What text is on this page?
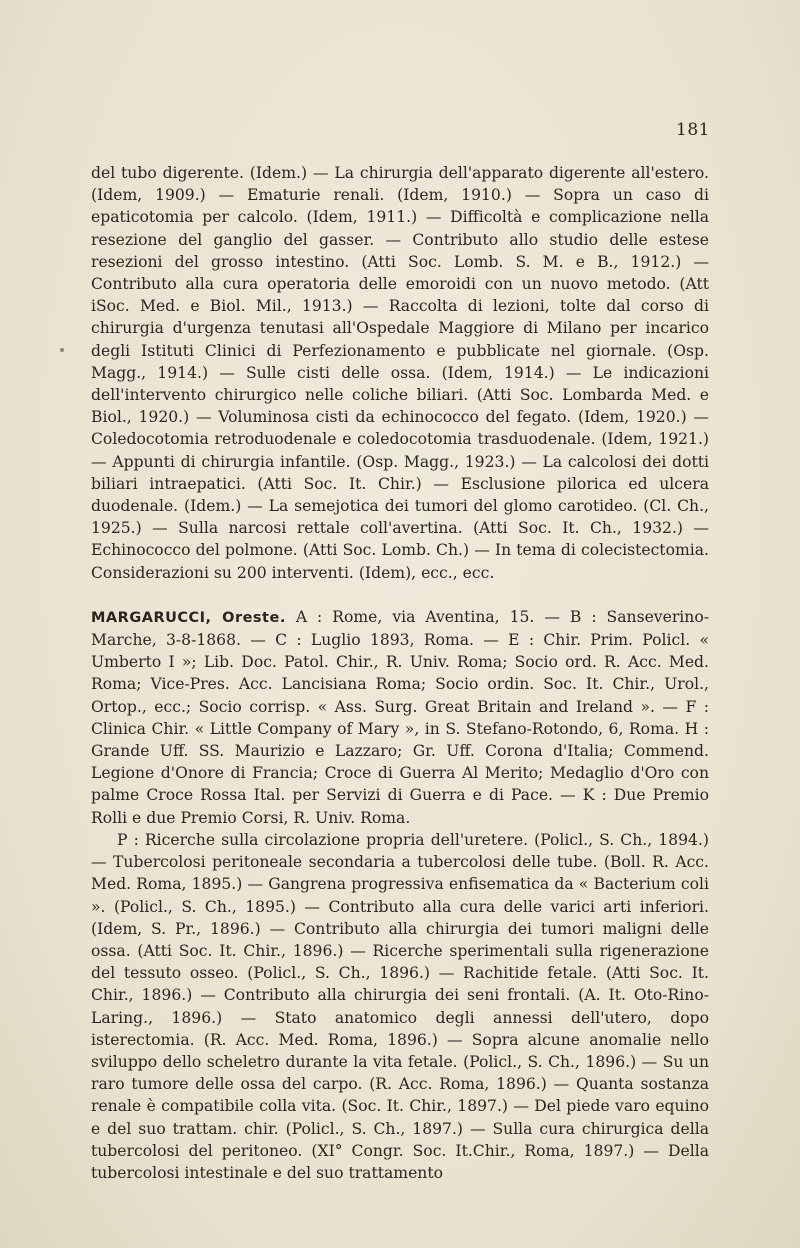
181

del tubo digerente. (Idem.) — La chirurgia dell'apparato digerente all'estero. (Idem, 1909.) — Ematurie renali. (Idem, 1910.) — Sopra un caso di epaticotomia per calcolo. (Idem, 1911.) — Difficoltà e complicazione nella resezione del ganglio del gasser. — Contributo allo studio delle estese resezioni del grosso intestino. (Atti Soc. Lomb. S. M. e B., 1912.) — Contributo alla cura operatoria delle emoroidi con un nuovo metodo. (Att iSoc. Med. e Biol. Mil., 1913.) — Raccolta di lezioni, tolte dal corso di chirurgia d'urgenza tenutasi all'Ospedale Maggiore di Milano per incarico degli Istituti Clinici di Perfezionamento e pubblicate nel giornale. (Osp. Magg., 1914.) — Sulle cisti delle ossa. (Idem, 1914.) — Le indicazioni dell'intervento chirurgico nelle coliche biliari. (Atti Soc. Lombarda Med. e Biol., 1920.) — Voluminosa cisti da echinococco del fegato. (Idem, 1920.) — Coledocotomia retroduodenale e coledocotomia trasduodenale. (Idem, 1921.) — Appunti di chirurgia infantile. (Osp. Magg., 1923.) — La calcolosi dei dotti biliari intraepatici. (Atti Soc. It. Chir.) — Esclusione pilorica ed ulcera duodenale. (Idem.) — La semejotica dei tumori del glomo carotideo. (Cl. Ch., 1925.) — Sulla narcosi rettale coll'avertina. (Atti Soc. It. Ch., 1932.) — Echinococco del polmone. (Atti Soc. Lomb. Ch.) — In tema di colecistectomia. Considerazioni su 200 interventi. (Idem), ecc., ecc.

MARGARUCCI, Oreste. A : Rome, via Aventina, 15. — B : Sanseverino-Marche, 3-8-1868. — C : Luglio 1893, Roma. — E : Chir. Prim. Policl. « Umberto I »; Lib. Doc. Patol. Chir., R. Univ. Roma; Socio ord. R. Acc. Med. Roma; Vice-Pres. Acc. Lancisiana Roma; Socio ordin. Soc. It. Chir., Urol., Ortop., ecc.; Socio corrisp. « Ass. Surg. Great Britain and Ireland ». — F : Clinica Chir. « Little Company of Mary », in S. Stefano-Rotondo, 6, Roma. H : Grande Uff. SS. Maurizio e Lazzaro; Gr. Uff. Corona d'Italia; Commend. Legione d'Onore di Francia; Croce di Guerra Al Merito; Medaglio d'Oro con palme Croce Rossa Ital. per Servizi di Guerra e di Pace. — K : Due Premio Rolli e due Premio Corsi, R. Univ. Roma.

P : Ricerche sulla circolazione propria dell'uretere. (Policl., S. Ch., 1894.) — Tubercolosi peritoneale secondaria a tubercolosi delle tube. (Boll. R. Acc. Med. Roma, 1895.) — Gangrena progressiva enfisematica da « Bacterium coli ». (Policl., S. Ch., 1895.) — Contributo alla cura delle varici arti inferiori. (Idem, S. Pr., 1896.) — Contributo alla chirurgia dei tumori maligni delle ossa. (Atti Soc. It. Chir., 1896.) — Ricerche sperimentali sulla rigenerazione del tessuto osseo. (Policl., S. Ch., 1896.) — Rachitide fetale. (Atti Soc. It. Chir., 1896.) — Contributo alla chirurgia dei seni frontali. (A. It. Oto-Rino-Laring., 1896.) — Stato anatomico degli annessi dell'utero, dopo isterectomia. (R. Acc. Med. Roma, 1896.) — Sopra alcune anomalie nello sviluppo dello scheletro durante la vita fetale. (Policl., S. Ch., 1896.) — Su un raro tumore delle ossa del carpo. (R. Acc. Roma, 1896.) — Quanta sostanza renale è compatibile colla vita. (Soc. It. Chir., 1897.) — Del piede varo equino e del suo trattam. chir. (Policl., S. Ch., 1897.) — Sulla cura chirurgica della tubercolosi del peritoneo. (XI° Congr. Soc. It.Chir., Roma, 1897.) — Della tubercolosi intestinale e del suo trattamento
